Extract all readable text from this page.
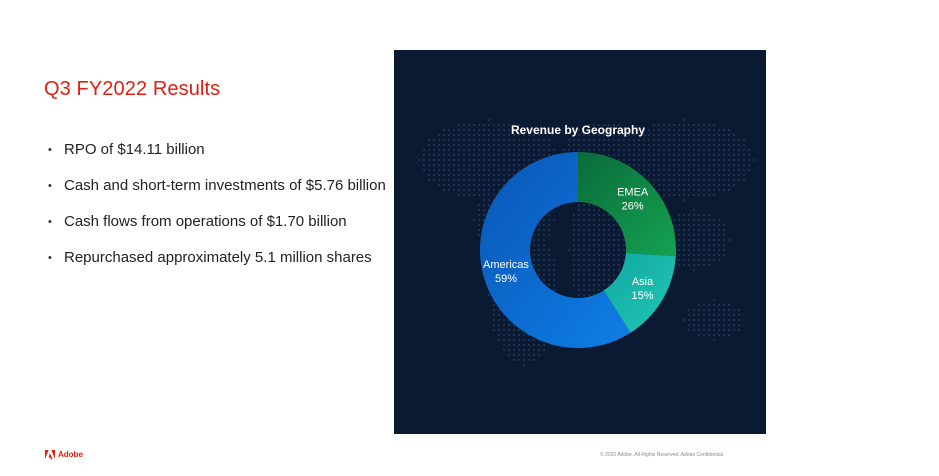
Q3 FY2022 Results
• RPO of $14.11 billion
• Cash and short-term investments of $5.76 billion
• Cash flows from operations of $1.70 billion
• Repurchased approximately 5.1 million shares
Revenue by Geography
EMEA
26%
Asia
15%
Americas
59%
Adobe	© 2022 Adobe. All Rights Reserved. Adobe Confidential.
